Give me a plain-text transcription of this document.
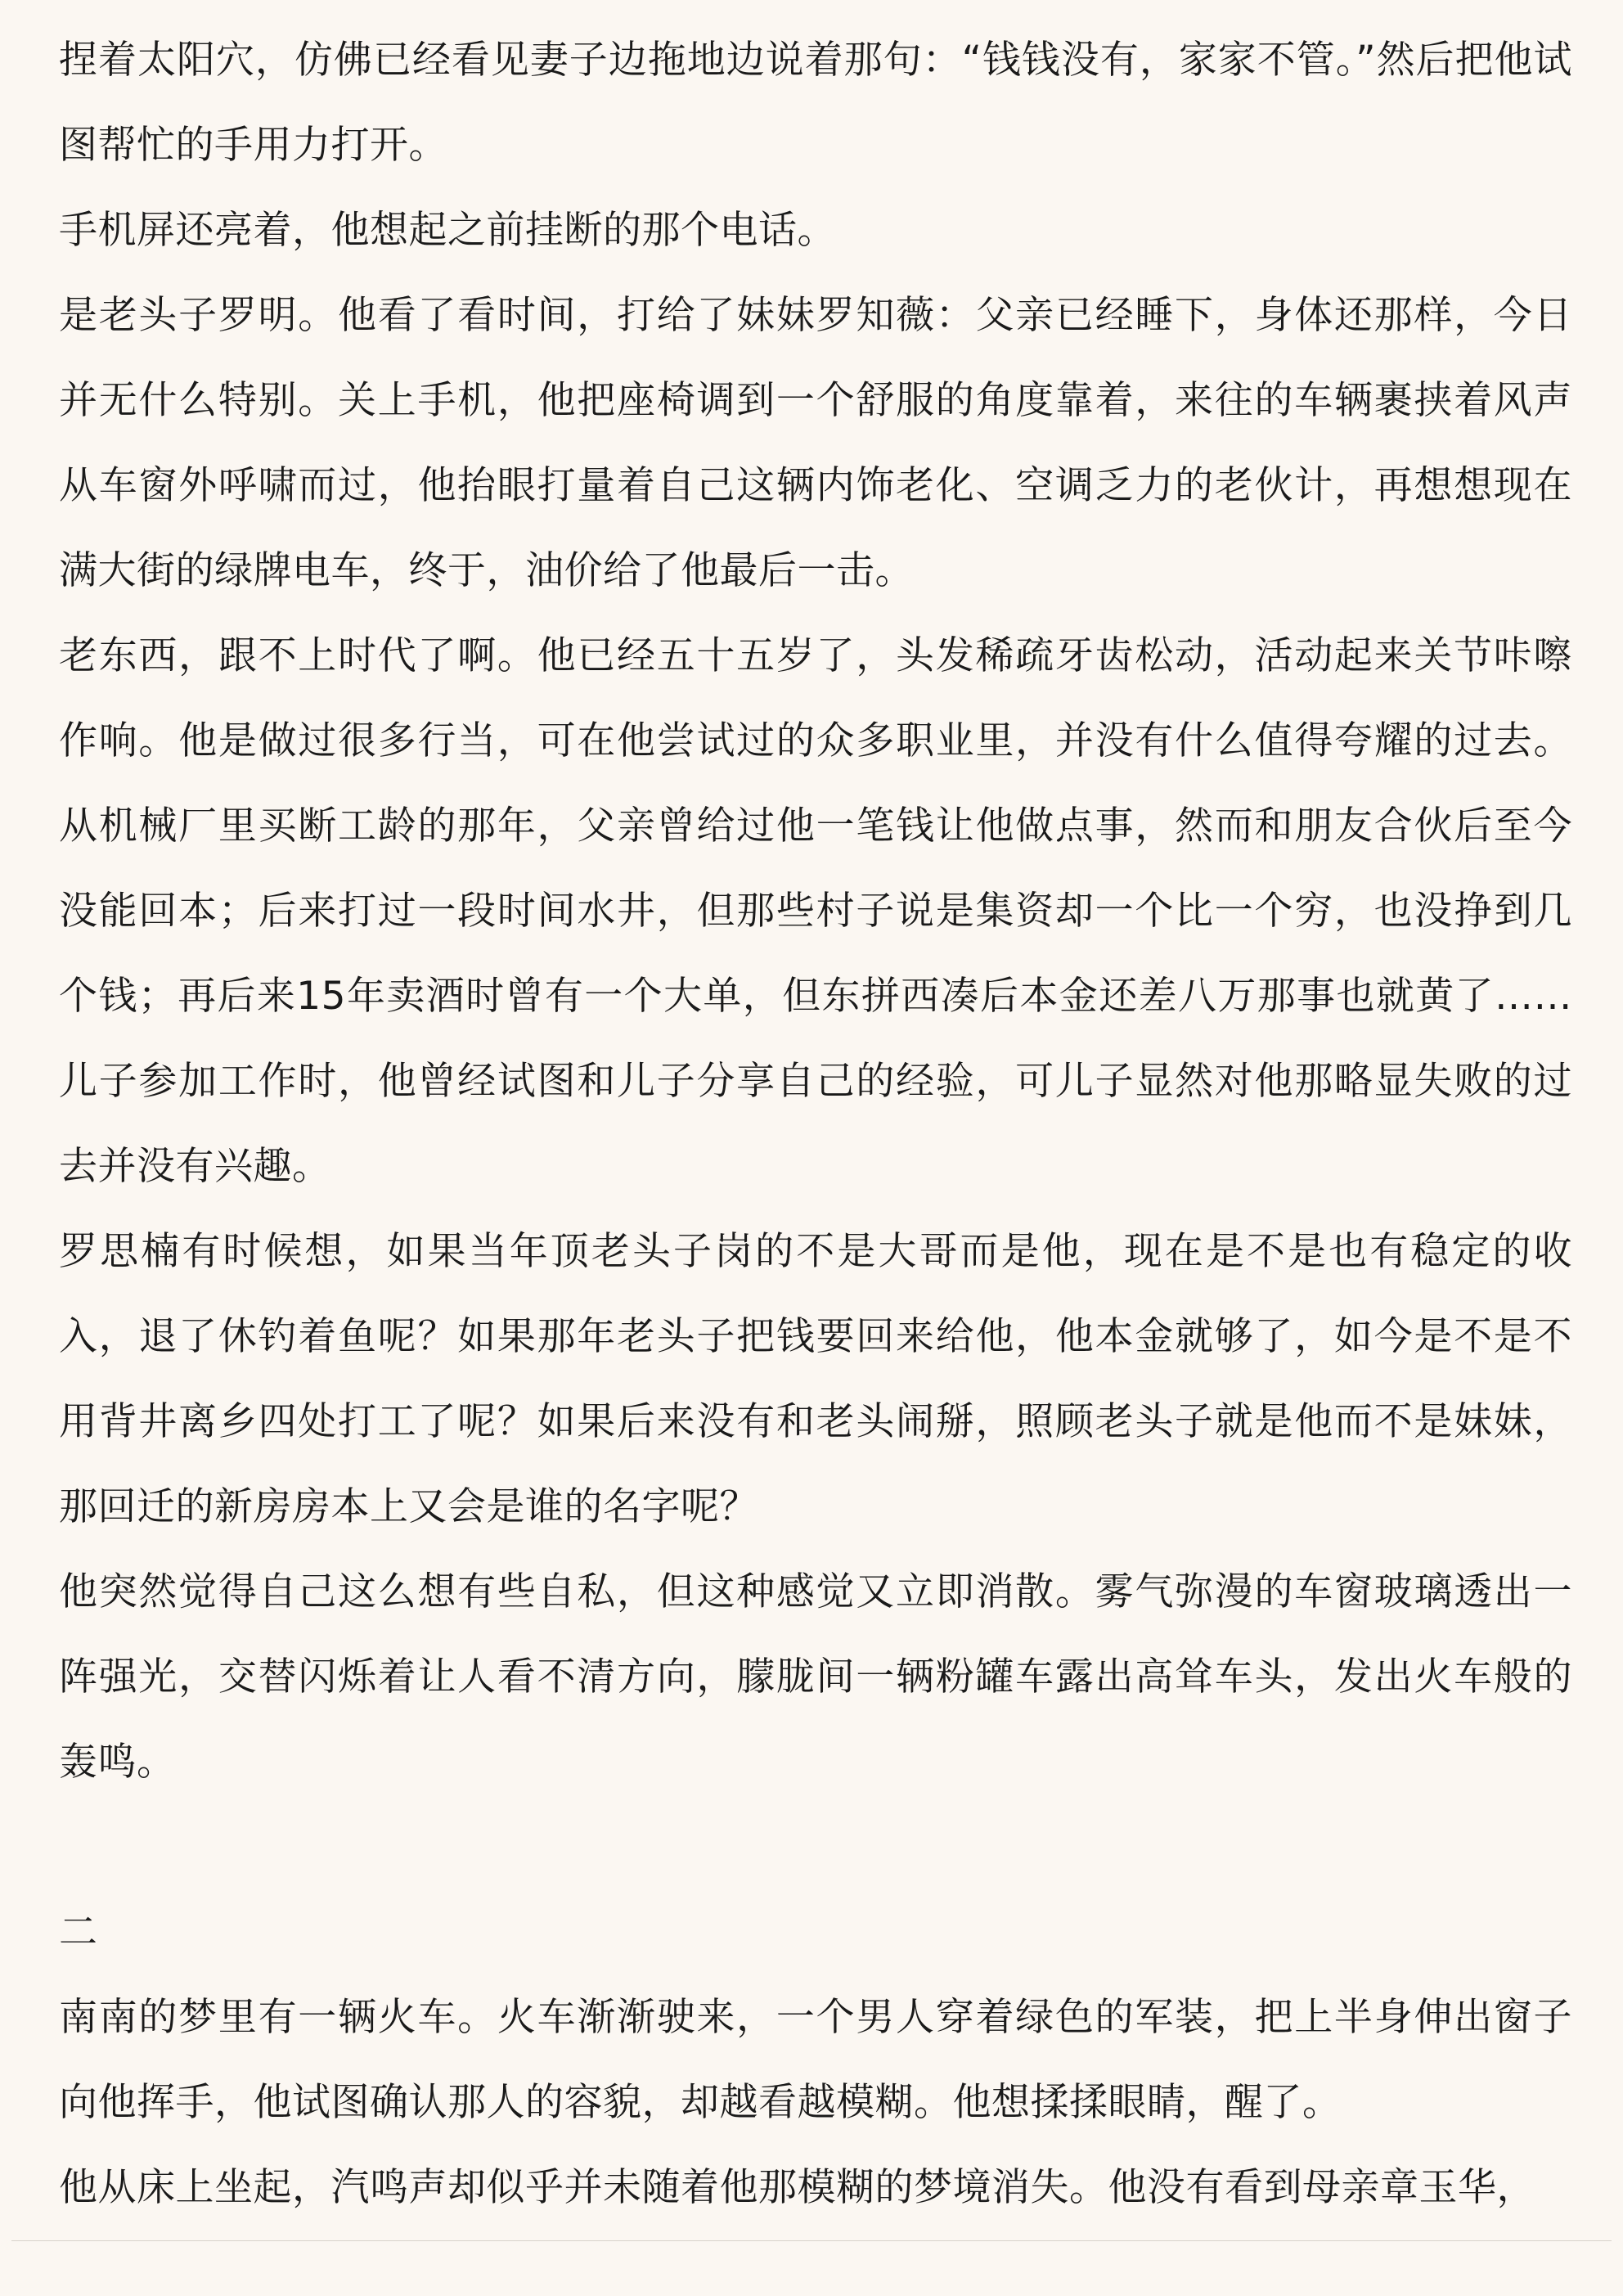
捏着太阳穴，仿佛已经看见妻子边拖地边说着那句：“钱钱没有，家家不管。”然后把他试图帮忙的手用力打开。

手机屏还亮着，他想起之前挂断的那个电话。

是老头子罗明。他看了看时间，打给了妹妹罗知薇：父亲已经睡下，身体还那样，今日并无什么特别。关上手机，他把座椅调到一个舒服的角度靠着，来往的车辆裹挟着风声从车窗外呼啸而过，他抬眼打量着自己这辆内饰老化、空调乏力的老伙计，再想想现在满大街的绿牌电车，终于，油价给了他最后一击。

老东西，跟不上时代了啊。他已经五十五岁了，头发稀疏牙齿松动，活动起来关节咔嚓作响。他是做过很多行当，可在他尝试过的众多职业里，并没有什么值得夸耀的过去。从机械厂里买断工龄的那年，父亲曾给过他一笔钱让他做点事，然而和朋友合伙后至今没能回本；后来打过一段时间水井，但那些村子说是集资却一个比一个穷，也没挣到几个钱；再后来15年卖酒时曾有一个大单，但东拼西凑后本金还差八万那事也就黄了……儿子参加工作时，他曾经试图和儿子分享自己的经验，可儿子显然对他那略显失败的过去并没有兴趣。

罗思楠有时候想，如果当年顶老头子岗的不是大哥而是他，现在是不是也有稳定的收入，退了休钓着鱼呢？如果那年老头子把钱要回来给他，他本金就够了，如今是不是不用背井离乡四处打工了呢？如果后来没有和老头闹掰，照顾老头子就是他而不是妹妹，那回迁的新房房本上又会是谁的名字呢？

他突然觉得自己这么想有些自私，但这种感觉又立即消散。雾气弥漫的车窗玻璃透出一阵强光，交替闪烁着让人看不清方向，朦胧间一辆粉罐车露出高耸车头，发出火车般的轰鸣。

二

南南的梦里有一辆火车。火车渐渐驶来，一个男人穿着绿色的军装，把上半身伸出窗子向他挥手，他试图确认那人的容貌，却越看越模糊。他想揉揉眼睛，醒了。

他从床上坐起，汽鸣声却似乎并未随着他那模糊的梦境消失。他没有看到母亲章玉华，
